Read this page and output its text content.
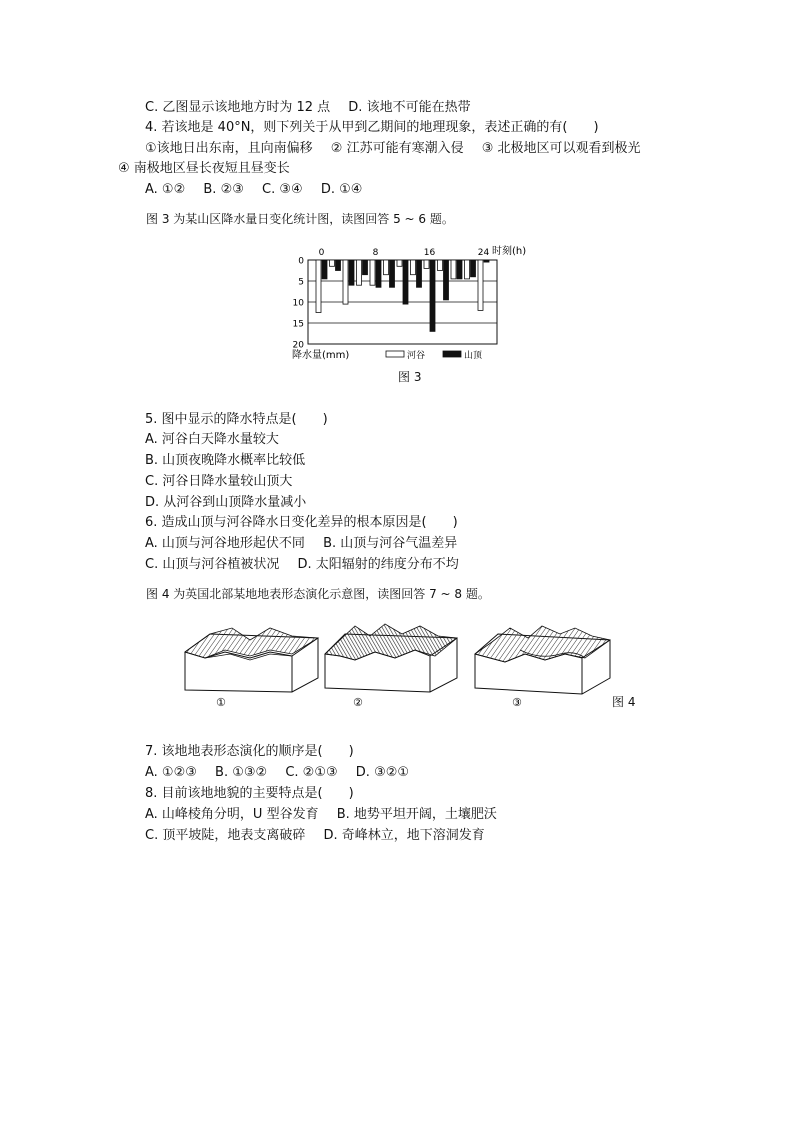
C. 乙图显示该地地方时为 12 点 D. 该地不可能在热带
4. 若该地是 40°N，则下列关于从甲到乙期间的地理现象，表述正确的有(　　)
①该地日出东南，且向南偏移 ② 江苏可能有寒潮入侵 ③ 北极地区可以观看到极光
④ 南极地区昼长夜短且昼变长
A. ①② B. ②③ C. ③④ D. ①④
图 3 为某山区降水量日变化统计图，读图回答 5 ~ 6 题。
0
5
10
15
20
0	8	16	24 时刻(h)
降水量(mm)	河谷	山顶
图 3
5. 图中显示的降水特点是(　　)
A. 河谷白天降水量较大
B. 山顶夜晚降水概率比较低
C. 河谷日降水量较山顶大
D. 从河谷到山顶降水量减小
6. 造成山顶与河谷降水日变化差异的根本原因是(　　)
A. 山顶与河谷地形起伏不同 B. 山顶与河谷气温差异
C. 山顶与河谷植被状况 D. 太阳辐射的纬度分布不均
图 4 为英国北部某地地表形态演化示意图，读图回答 7 ~ 8 题。
①	②	③	图 4
7. 该地地表形态演化的顺序是(　　)
A. ①②③ B. ①③② C. ②①③ D. ③②①
8. 目前该地地貌的主要特点是(　　)
A. 山峰棱角分明，U 型谷发育 B. 地势平坦开阔，土壤肥沃
C. 顶平坡陡，地表支离破碎 D. 奇峰林立，地下溶洞发育
